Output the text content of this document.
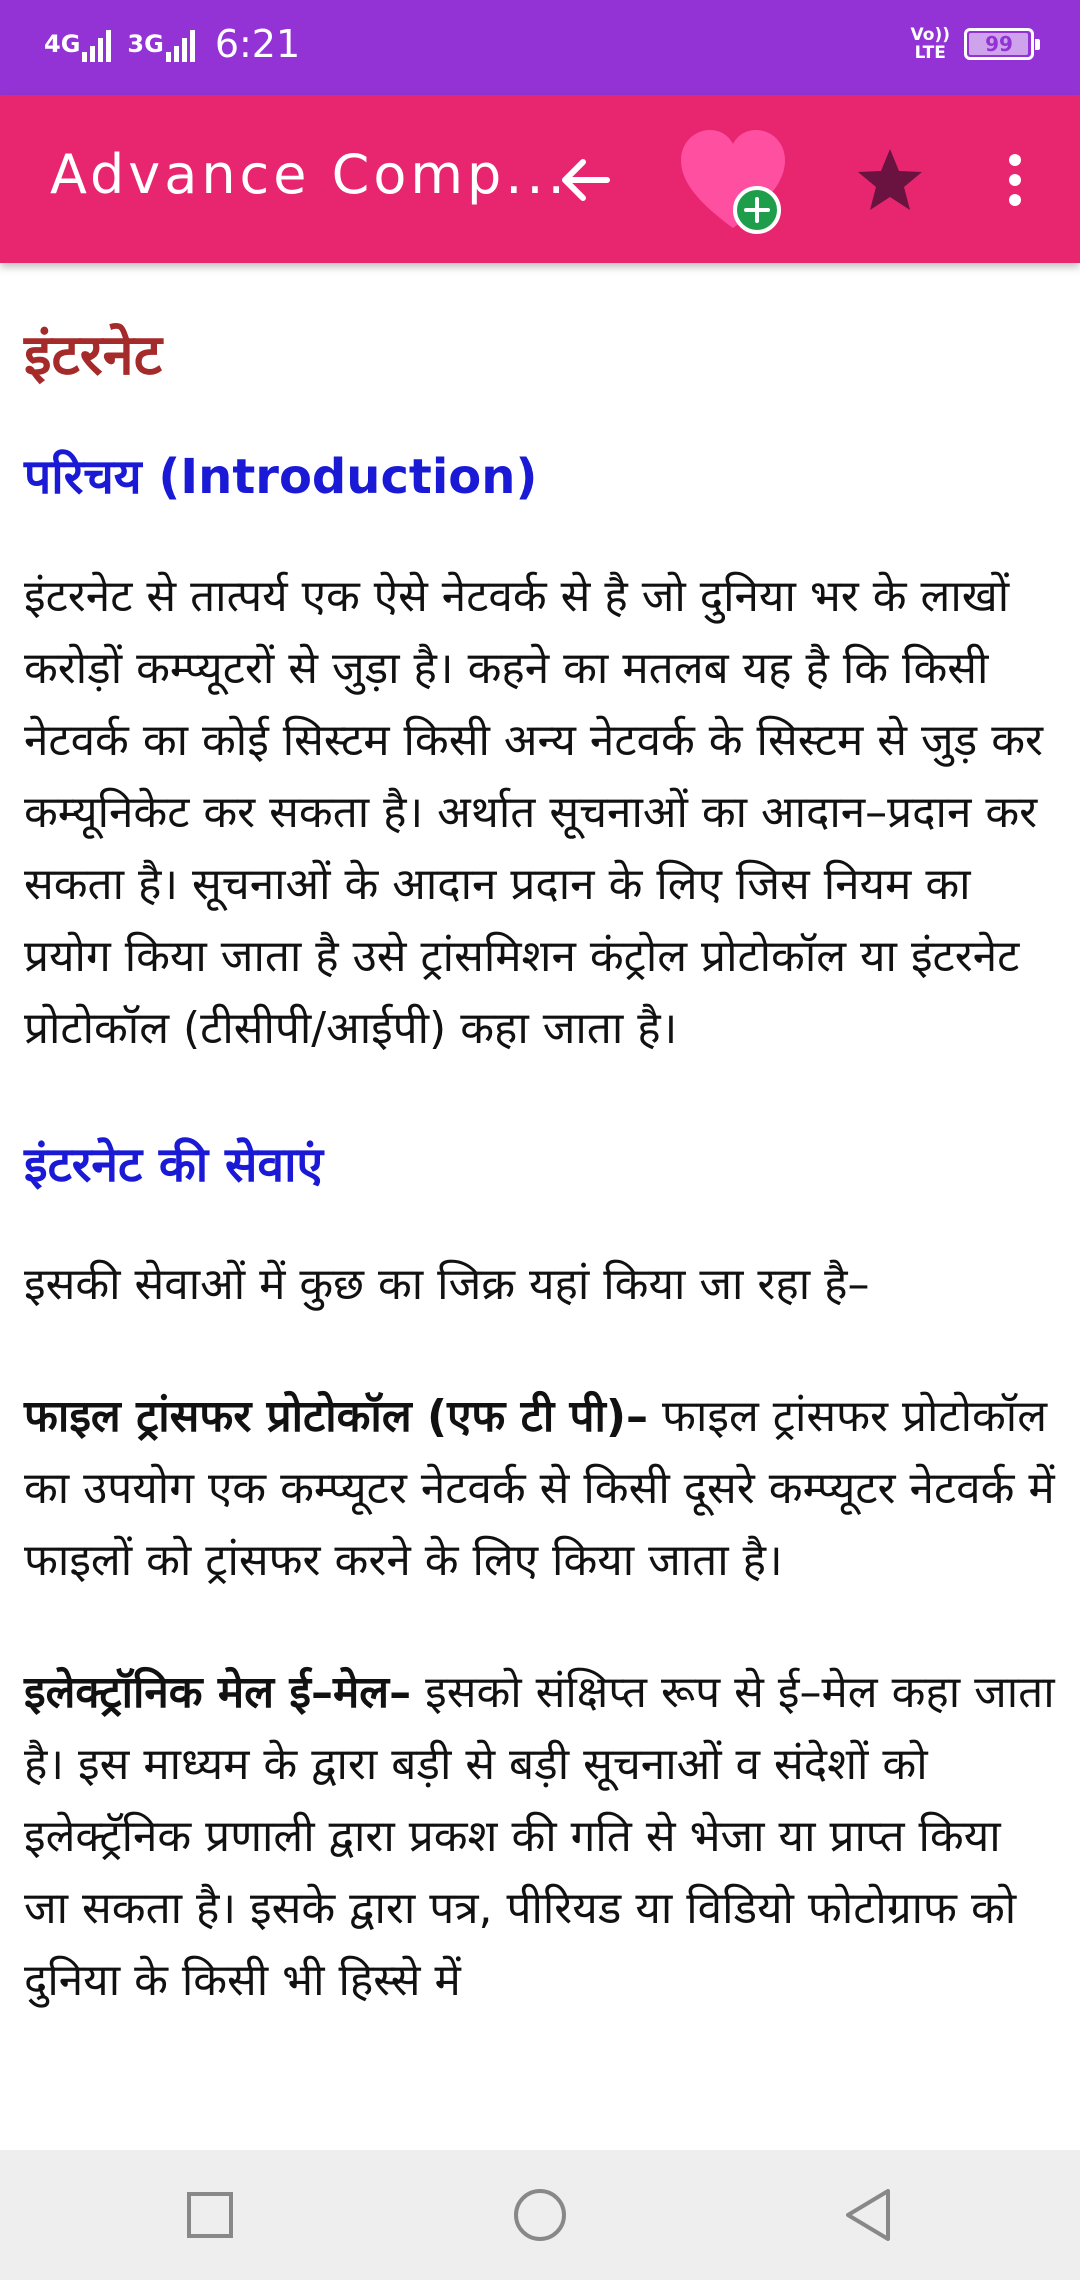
4G 3G 6:21	Vo))
LTE 99
Advance Comp...
इंटरनेट
परिचय (Introduction)

इंटरनेट से तात्पर्य एक ऐसे नेटवर्क से है जो दुनिया भर के लाखों करोड़ों कम्प्यूटरों से जुड़ा है। कहने का मतलब यह है कि किसी नेटवर्क का कोई सिस्टम किसी अन्य नेटवर्क के सिस्टम से जुड़ कर कम्यूनिकेट कर सकता है। अर्थात सूचनाओं का आदान–प्रदान कर सकता है। सूचनाओं के आदान प्रदान के लिए जिस नियम का प्रयोग किया जाता है उसे ट्रांसमिशन कंट्रोल प्रोटोकॉल या इंटरनेट प्रोटोकॉल (टीसीपी/आईपी) कहा जाता है।

इंटरनेट की सेवाएं

इसकी सेवाओं में कुछ का जिक्र यहां किया जा रहा है–

फाइल ट्रांसफर प्रोटोकॉल (एफ टी पी)– फाइल ट्रांसफर प्रोटोकॉल का उपयोग एक कम्प्यूटर नेटवर्क से किसी दूसरे कम्प्यूटर नेटवर्क में फाइलों को ट्रांसफर करने के लिए किया जाता है।

इलेक्ट्रॉनिक मेल ई–मेल– इसको संक्षिप्त रूप से ई–मेल कहा जाता है। इस माध्यम के द्वारा बड़ी से बड़ी सूचनाओं व संदेशों को इलेक्ट्रॅनिक प्रणाली द्वारा प्रकश की गति से भेजा या प्राप्त किया जा सकता है। इसके द्वारा पत्र, पीरियड या विडियो फोटोग्राफ को दुनिया के किसी भी हिस्से में
